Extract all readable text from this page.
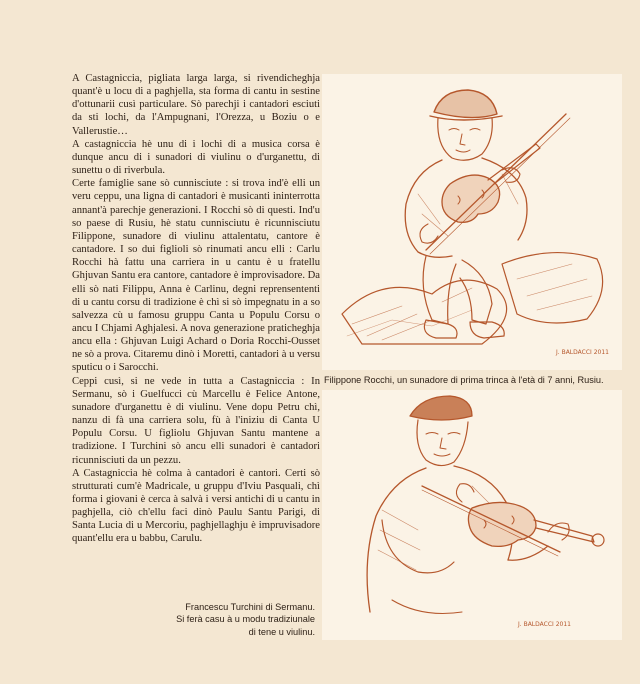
A Castagniccia, pigliata larga larga, si rivendicheghja quant'è u locu di a paghjella, sta forma di cantu in sestine d'ottunarii cusì particulare. Sò parechji i cantadori esciuti da sti lochi, da l'Ampugnani, l'Orezza, u Boziu o e Vallerustie…

A castagniccia hè unu di i lochi di a musica corsa è dunque ancu di i sunadori di viulinu o d'urganettu, di sunettu o di riverbula.

Certe famiglie sane sò cunnisciute : si trova ind'è elli un veru ceppu, una ligna di cantadori è musicanti ininterrotta annant'à parechje generazioni. I Rocchi sò di questi. Ind'u so paese di Rusiu, hè statu cunnisciutu è ricunnisciutu Filippone, sunadore di viulinu attalentatu, cantore è cantadore. I so dui figlioli sò rinumati ancu elli : Carlu Rocchi hà fattu una carriera in u cantu è u fratellu Ghjuvan Santu era cantore, cantadore è improvisadore. Da elli sò nati Filippu, Anna è Carlinu, degni reprensententi di u cantu corsu di tradizione è chì si sò impegnatu in a so salvezza cù u famosu gruppu Canta u Populu Corsu o ancu I Chjami Aghjalesi. A nova generazione praticheghja ancu ella : Ghjuvan Luigi Achard o Doria Rocchi-Ousset ne sò a prova. Citaremu dinò i Moretti, cantadori à u versu sputicu o i Sarocchi.

Ceppi cusì, si ne vede in tutta a Castagniccia : In Sermanu, sò i Guelfucci cù Marcellu è Felice Antone, sunadore d'urganettu è di viulinu. Vene dopu Petru chì, nanzu di fà una carriera solu, fù à l'iniziu di Canta U Populu Corsu. U figliolu Ghjuvan Santu mantene a tradizione. I Turchini sò ancu elli sunadori è cantadori ricunnisciuti da un pezzu.

A Castagniccia hè colma à cantadori è cantori. Certi sò strutturati cum'è Madricale, u gruppu d'Iviu Pasquali, chì forma i giovani è cerca à salvà i versi antichi di u cantu in paghjella, ciò ch'ellu faci dinò Paulu Santu Parigi, di Santa Lucia di u Mercoriu, paghjellaghju è impruvisadore quant'ellu era u babbu, Carulu.

J. BALDACCI 2011
Filippone Rocchi, un sunadore di prima trinca à l'età di 7 anni, Rusiu.
J. BALDACCI 2011
Francescu Turchini di Sermanu.
Si ferà casu à u modu tradiziunale
di tene u viulinu.
